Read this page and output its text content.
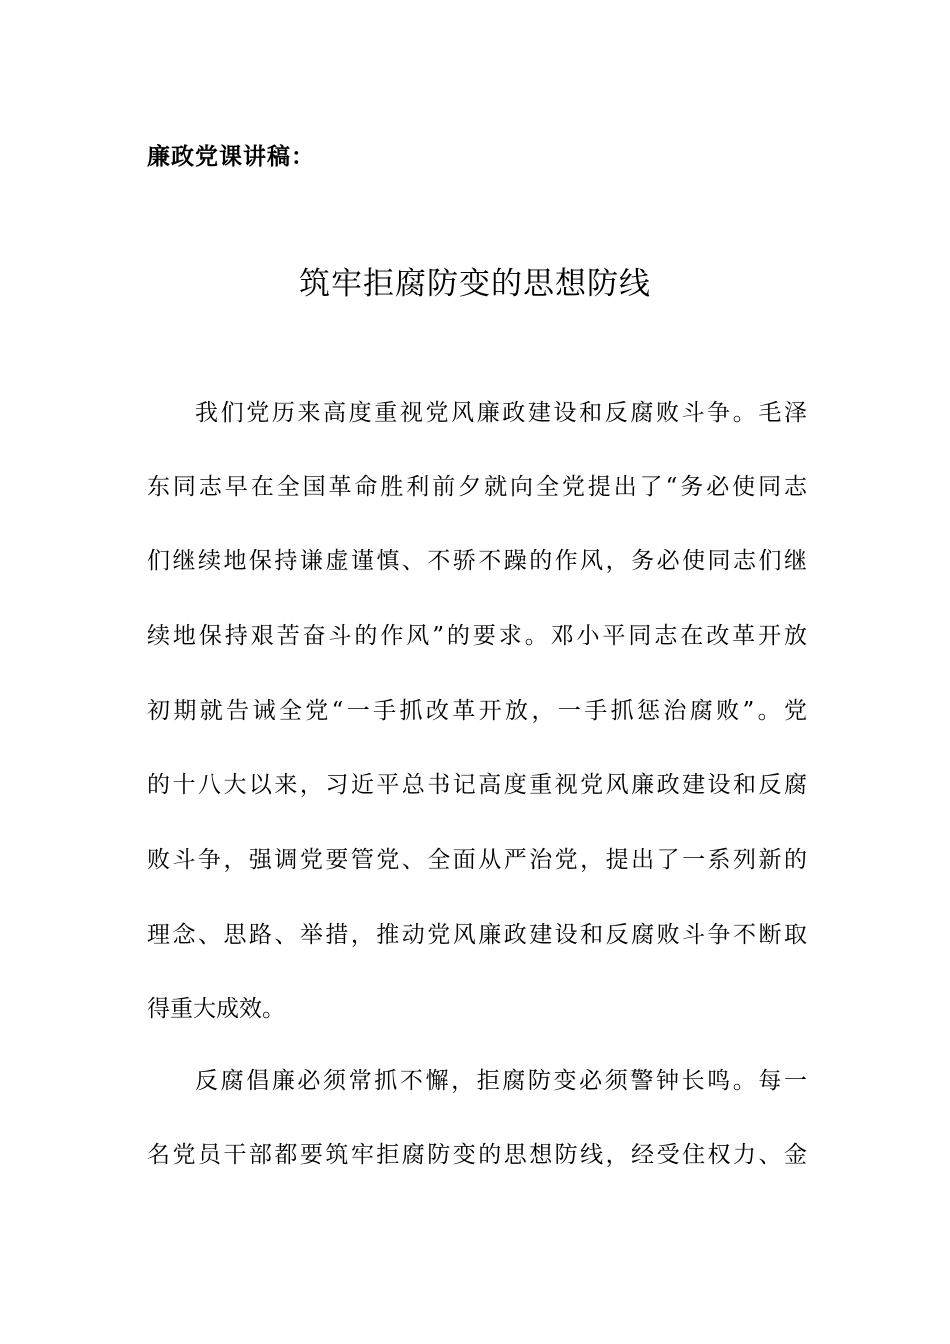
廉政党课讲稿：
筑牢拒腐防变的思想防线
我们党历来高度重视党风廉政建设和反腐败斗争。毛泽
东同志早在全国革命胜利前夕就向全党提出了“务必使同志
们继续地保持谦虚谨慎、不骄不躁的作风，务必使同志们继
续地保持艰苦奋斗的作风”的要求。邓小平同志在改革开放
初期就告诫全党“一手抓改革开放，一手抓惩治腐败”。党
的十八大以来，习近平总书记高度重视党风廉政建设和反腐
败斗争，强调党要管党、全面从严治党，提出了一系列新的
理念、思路、举措，推动党风廉政建设和反腐败斗争不断取
得重大成效。
反腐倡廉必须常抓不懈，拒腐防变必须警钟长鸣。每一
名党员干部都要筑牢拒腐防变的思想防线，经受住权力、金
